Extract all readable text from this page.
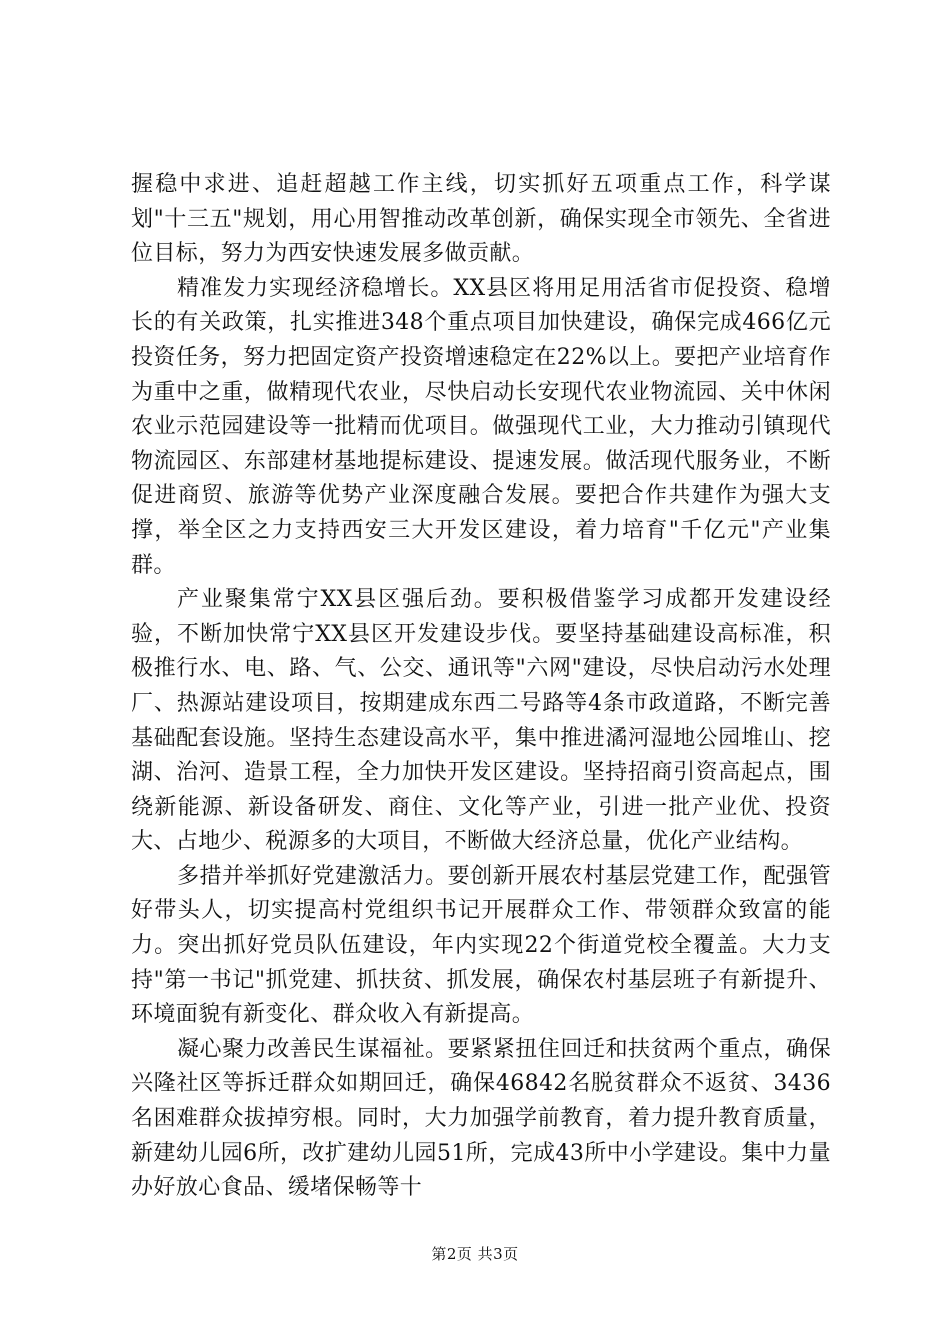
握稳中求进、追赶超越工作主线，切实抓好五项重点工作，科学谋划"十三五"规划，用心用智推动改革创新，确保实现全市领先、全省进位目标，努力为西安快速发展多做贡献。

精准发力实现经济稳增长。XX县区将用足用活省市促投资、稳增长的有关政策，扎实推进348个重点项目加快建设，确保完成466亿元投资任务，努力把固定资产投资增速稳定在22%以上。要把产业培育作为重中之重，做精现代农业，尽快启动长安现代农业物流园、关中休闲农业示范园建设等一批精而优项目。做强现代工业，大力推动引镇现代物流园区、东部建材基地提标建设、提速发展。做活现代服务业，不断促进商贸、旅游等优势产业深度融合发展。要把合作共建作为强大支撑，举全区之力支持西安三大开发区建设，着力培育"千亿元"产业集群。

产业聚集常宁XX县区强后劲。要积极借鉴学习成都开发建设经验，不断加快常宁XX县区开发建设步伐。要坚持基础建设高标准，积极推行水、电、路、气、公交、通讯等"六网"建设，尽快启动污水处理厂、热源站建设项目，按期建成东西二号路等4条市政道路，不断完善基础配套设施。坚持生态建设高水平，集中推进潏河湿地公园堆山、挖湖、治河、造景工程，全力加快开发区建设。坚持招商引资高起点，围绕新能源、新设备研发、商住、文化等产业，引进一批产业优、投资大、占地少、税源多的大项目，不断做大经济总量，优化产业结构。

多措并举抓好党建激活力。要创新开展农村基层党建工作，配强管好带头人，切实提高村党组织书记开展群众工作、带领群众致富的能力。突出抓好党员队伍建设，年内实现22个街道党校全覆盖。大力支持"第一书记"抓党建、抓扶贫、抓发展，确保农村基层班子有新提升、环境面貌有新变化、群众收入有新提高。

凝心聚力改善民生谋福祉。要紧紧扭住回迁和扶贫两个重点，确保兴隆社区等拆迁群众如期回迁，确保46842名脱贫群众不返贫、3436名困难群众拔掉穷根。同时，大力加强学前教育，着力提升教育质量，新建幼儿园6所，改扩建幼儿园51所，完成43所中小学建设。集中力量办好放心食品、缓堵保畅等十

第2页 共3页
